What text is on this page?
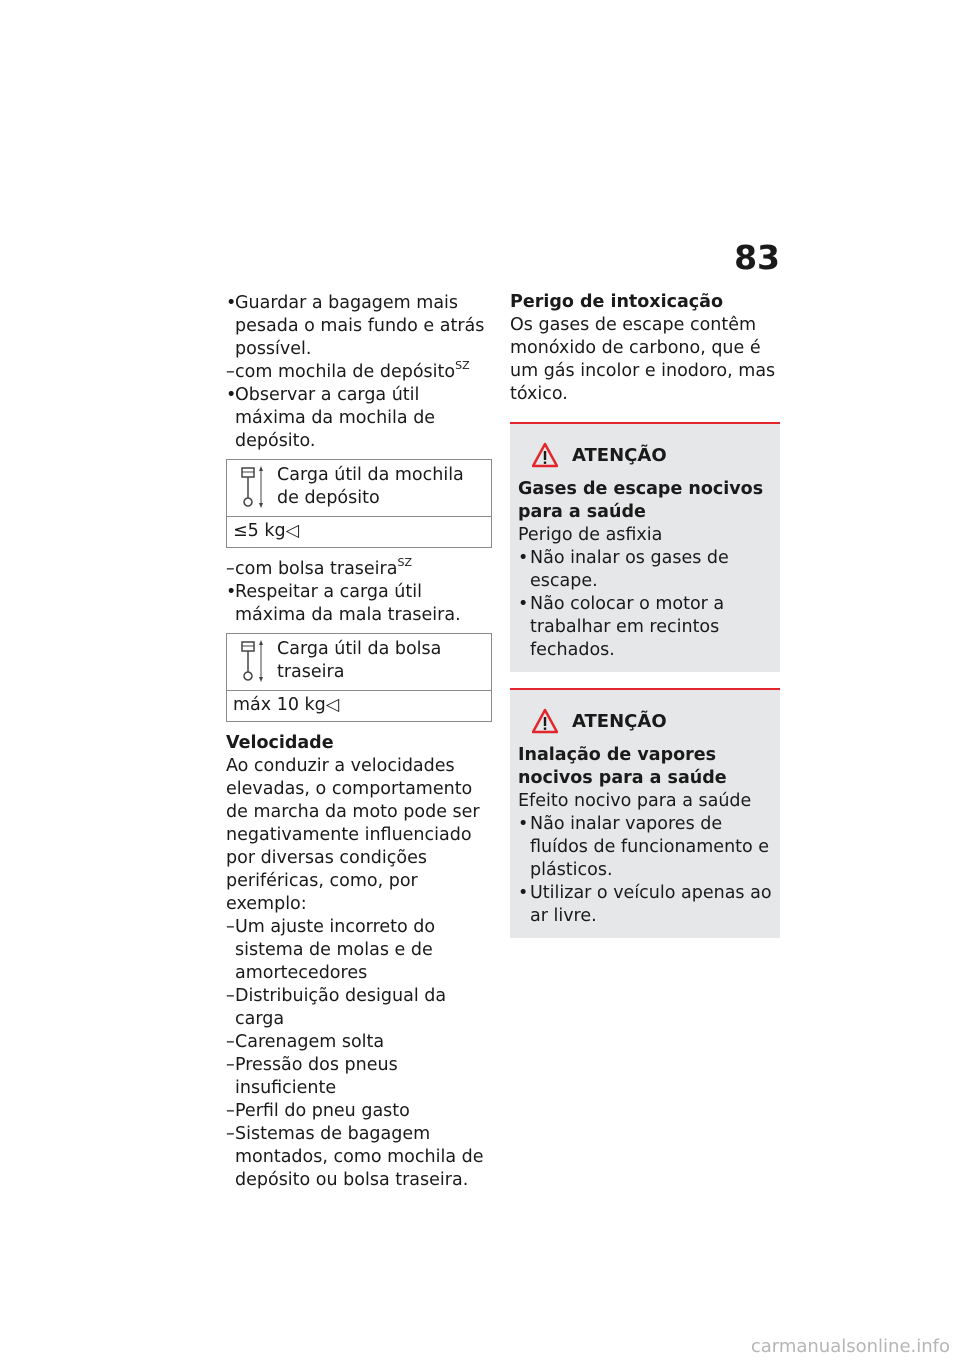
83
•Guardar a bagagem mais pesada o mais fundo e atrás possível.
–com mochila de depósito$^{SZ}$
•Observar a carga útil máxima da mochila de depósito.
Carga útil da mochila de depósito
≤5 kg◁
–com bolsa traseira$^{SZ}$
•Respeitar a carga útil máxima da mala traseira.
Carga útil da bolsa traseira
máx 10 kg◁
Velocidade
Ao conduzir a velocidades elevadas, o comportamento de marcha da moto pode ser negativamente influenciado por diversas condições periféricas, como, por exemplo:
–Um ajuste incorreto do sistema de molas e de amortecedores
–Distribuição desigual da carga
–Carenagem solta
–Pressão dos pneus insuficiente
–Perfil do pneu gasto
–Sistemas de bagagem montados, como mochila de depósito ou bolsa traseira.
Perigo de intoxicação
Os gases de escape contêm monóxido de carbono, que é um gás incolor e inodoro, mas tóxico.
ATENÇÃO
Gases de escape nocivos para a saúde
Perigo de asfixia
•Não inalar os gases de escape.
•Não colocar o motor a trabalhar em recintos fechados.
ATENÇÃO
Inalação de vapores nocivos para a saúde
Efeito nocivo para a saúde
•Não inalar vapores de fluídos de funcionamento e plásticos.
•Utilizar o veículo apenas ao ar livre.
carmanualsonline.info
